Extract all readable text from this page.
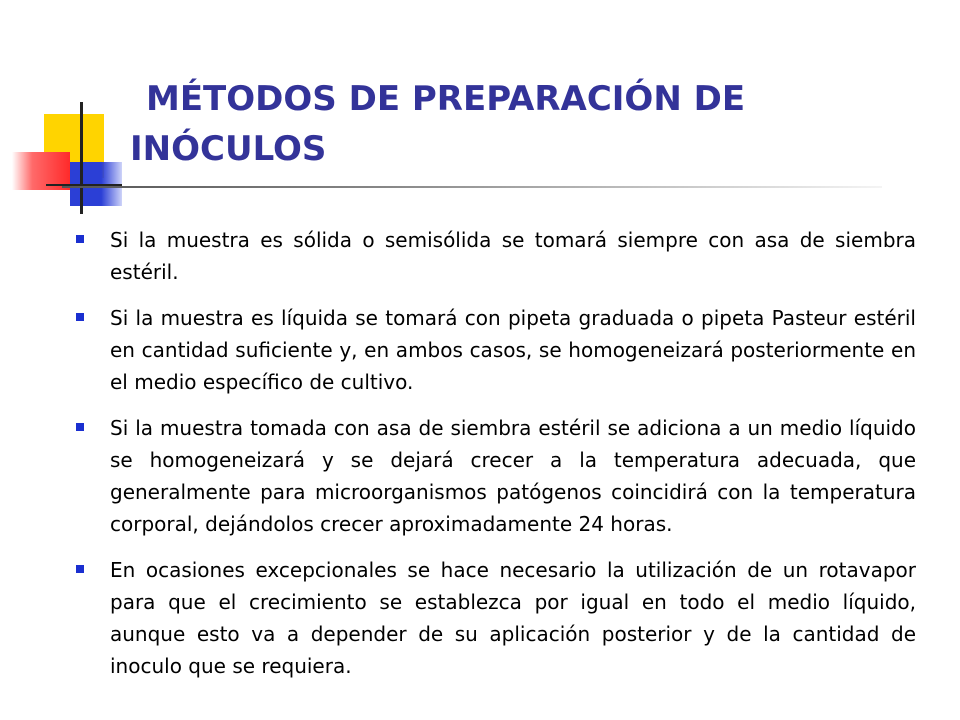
MÉTODOS DE PREPARACIÓN DE
INÓCULOS
Si la muestra es sólida o semisólida se tomará siempre con asa de siembra estéril.
Si la muestra es líquida se tomará con pipeta graduada o pipeta Pasteur estéril en cantidad suficiente y, en ambos casos, se homogeneizará posteriormente en el medio específico de cultivo.
Si la muestra tomada con asa de siembra estéril se adiciona a un medio líquido se homogeneizará y se dejará crecer a la temperatura adecuada, que generalmente para microorganismos patógenos coincidirá con la temperatura corporal, dejándolos crecer aproximadamente 24 horas.
En ocasiones excepcionales se hace necesario la utilización de un rotavapor para que el crecimiento se establezca por igual en todo el medio líquido, aunque esto va a depender de su aplicación posterior y de la cantidad de inoculo que se requiera.
